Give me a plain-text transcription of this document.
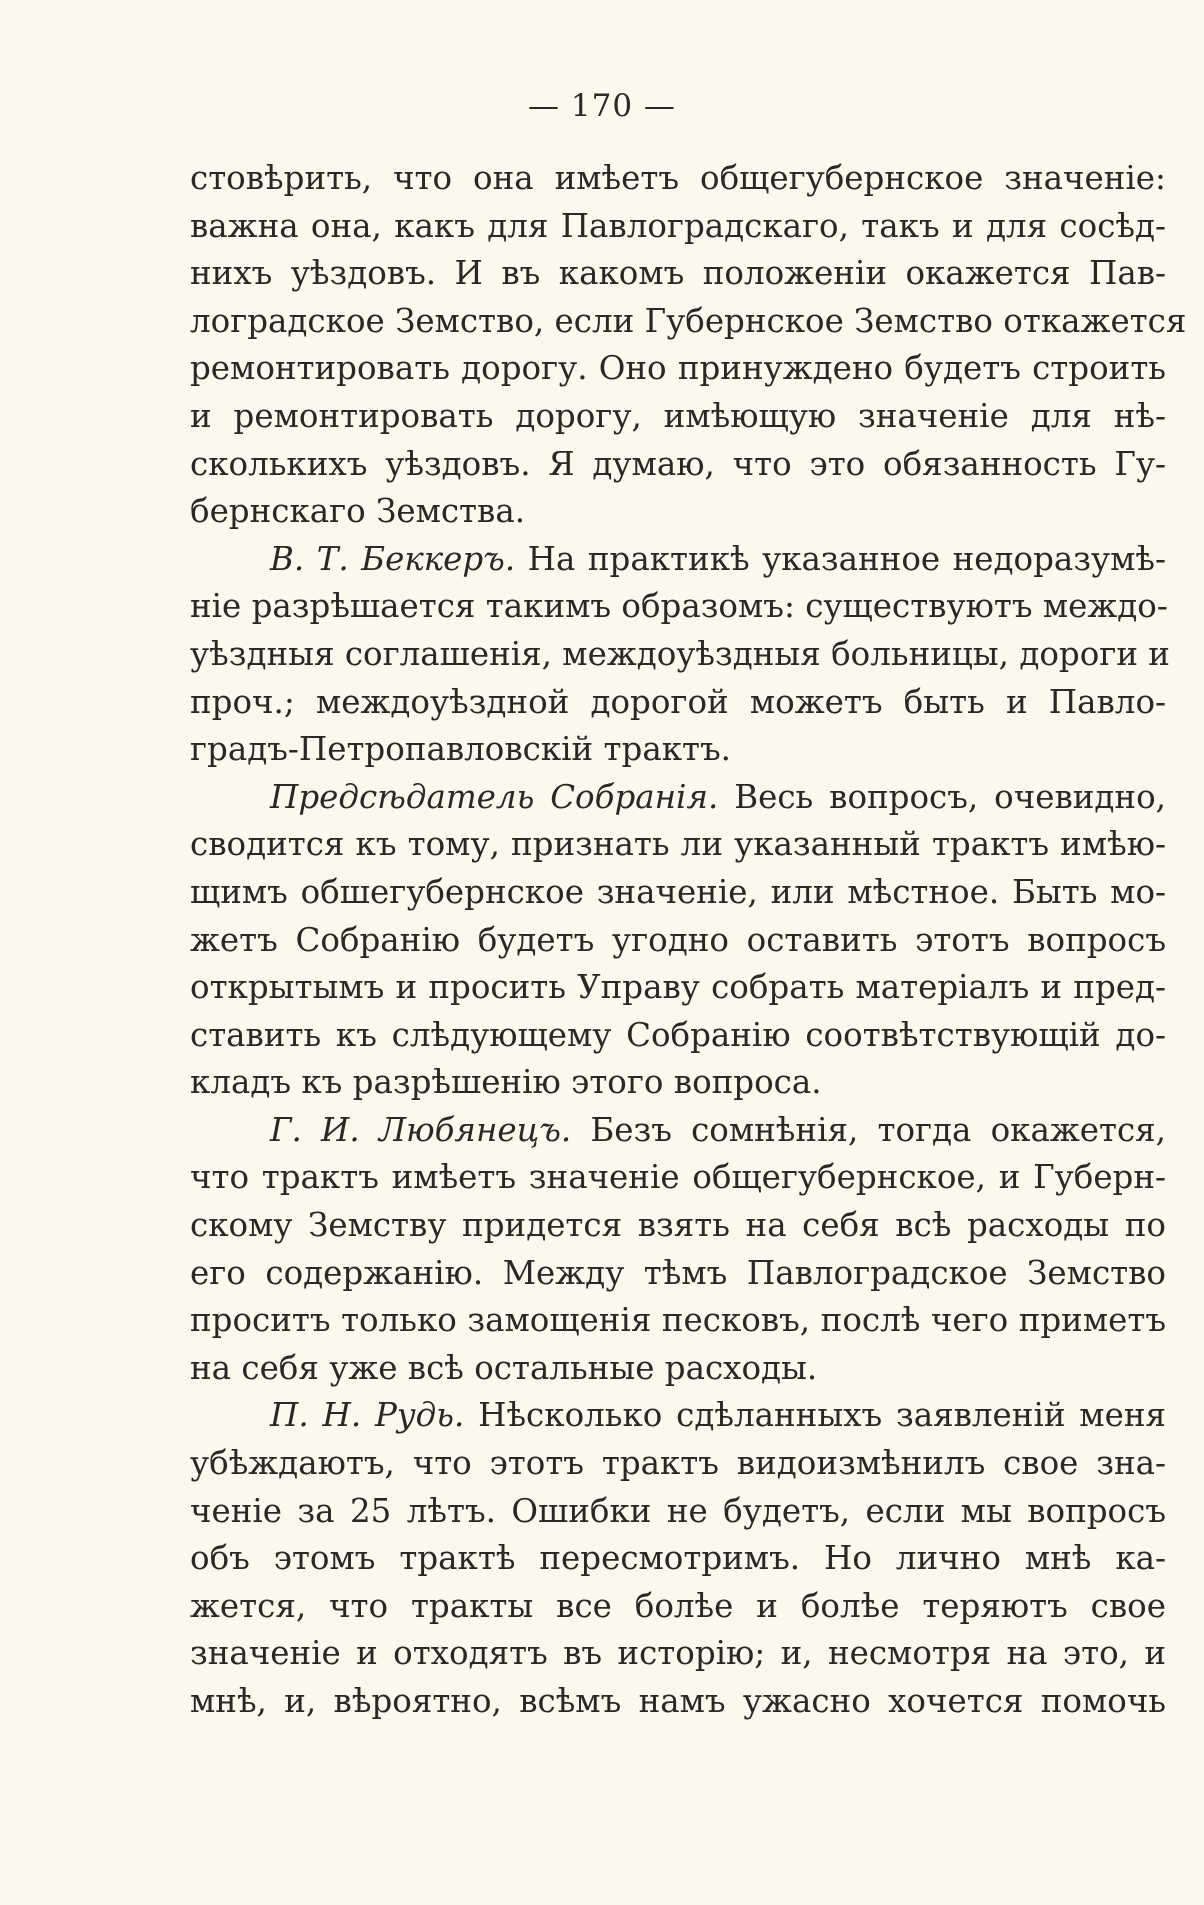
— 170 —
стовѣрить, что она имѣетъ общегубернское значеніе:
важна она, какъ для Павлоградскаго, такъ и для сосѣд-
нихъ уѣздовъ. И въ какомъ положеніи окажется Пав-
лоградское Земство, если Губернское Земство откажется
ремонтировать дорогу. Оно принуждено будетъ строить
и ремонтировать дорогу, имѣющую значеніе для нѣ-
сколькихъ уѣздовъ. Я думаю, что это обязанность Гу-
бернскаго Земства.
В. Т. Беккеръ. На практикѣ указанное недоразумѣ-
ніе разрѣшается такимъ образомъ: существуютъ междо-
уѣздныя соглашенія, междоуѣздныя больницы, дороги и
проч.; междоуѣздной дорогой можетъ быть и Павло-
градъ-Петропавловскій трактъ.
Предсѣдатель Собранія. Весь вопросъ, очевидно,
сводится къ тому, признать ли указанный трактъ имѣю-
щимъ обшегубернское значеніе, или мѣстное. Быть мо-
жетъ Собранію будетъ угодно оставить этотъ вопросъ
открытымъ и просить Управу собрать матеріалъ и пред-
ставить къ слѣдующему Собранію соотвѣтствующій до-
кладъ къ разрѣшенію этого вопроса.
Г. И. Любянецъ. Безъ сомнѣнія, тогда окажется,
что трактъ имѣетъ значеніе общегубернское, и Губерн-
скому Земству придется взять на себя всѣ расходы по
его содержанію. Между тѣмъ Павлоградское Земство
проситъ только замощенія песковъ, послѣ чего приметъ
на себя уже всѣ остальные расходы.
П. Н. Рудь. Нѣсколько сдѣланныхъ заявленій меня
убѣждаютъ, что этотъ трактъ видоизмѣнилъ свое зна-
ченіе за 25 лѣтъ. Ошибки не будетъ, если мы вопросъ
объ этомъ трактѣ пересмотримъ. Но лично мнѣ ка-
жется, что тракты все болѣе и болѣе теряютъ свое
значеніе и отходятъ въ исторію; и, несмотря на это, и
мнѣ, и, вѣроятно, всѣмъ намъ ужасно хочется помочь
